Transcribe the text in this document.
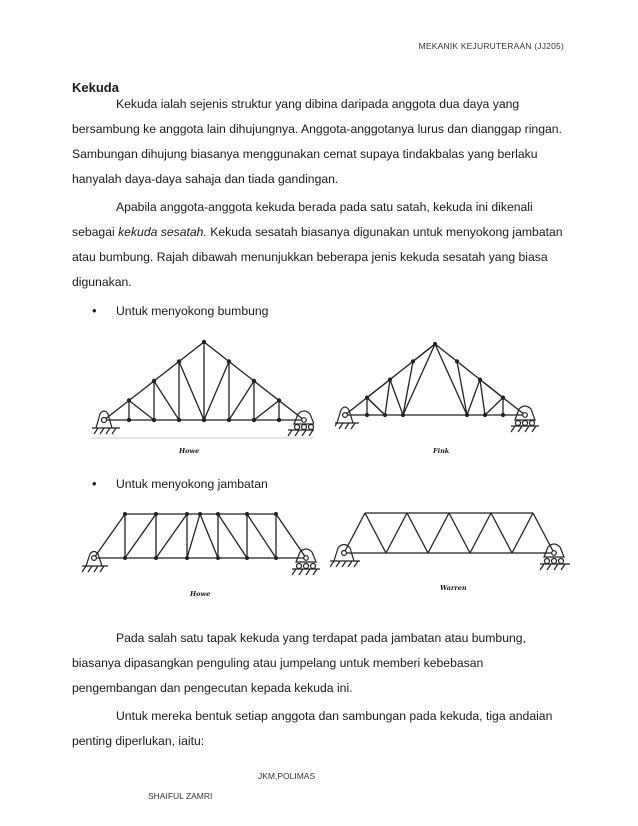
MEKANIK KEJURUTERAAN (JJ205)
Kekuda

Kekuda ialah sejenis struktur yang dibina daripada anggota dua daya yang bersambung ke anggota lain dihujungnya. Anggota-anggotanya lurus dan dianggap ringan. Sambungan dihujung biasanya menggunakan cemat supaya tindakbalas yang berlaku hanyalah daya-daya sahaja dan tiada gandingan.

Apabila anggota-anggota kekuda berada pada satu satah, kekuda ini dikenali sebagai kekuda sesatah. Kekuda sesatah biasanya digunakan untuk menyokong jambatan atau bumbung. Rajah dibawah menunjukkan beberapa jenis kekuda sesatah yang biasa digunakan.

• Untuk menyokong bumbung
Howe	Fink
• Untuk menyokong jambatan
Howe
Warren

Pada salah satu tapak kekuda yang terdapat pada jambatan atau bumbung, biasanya dipasangkan penguling atau jumpelang untuk memberi kebebasan pengembangan dan pengecutan kepada kekuda ini.

Untuk mereka bentuk setiap anggota dan sambungan pada kekuda, tiga andaian penting diperlukan, iaitu:

JKM,POLIMAS
SHAIFUL ZAMRI
